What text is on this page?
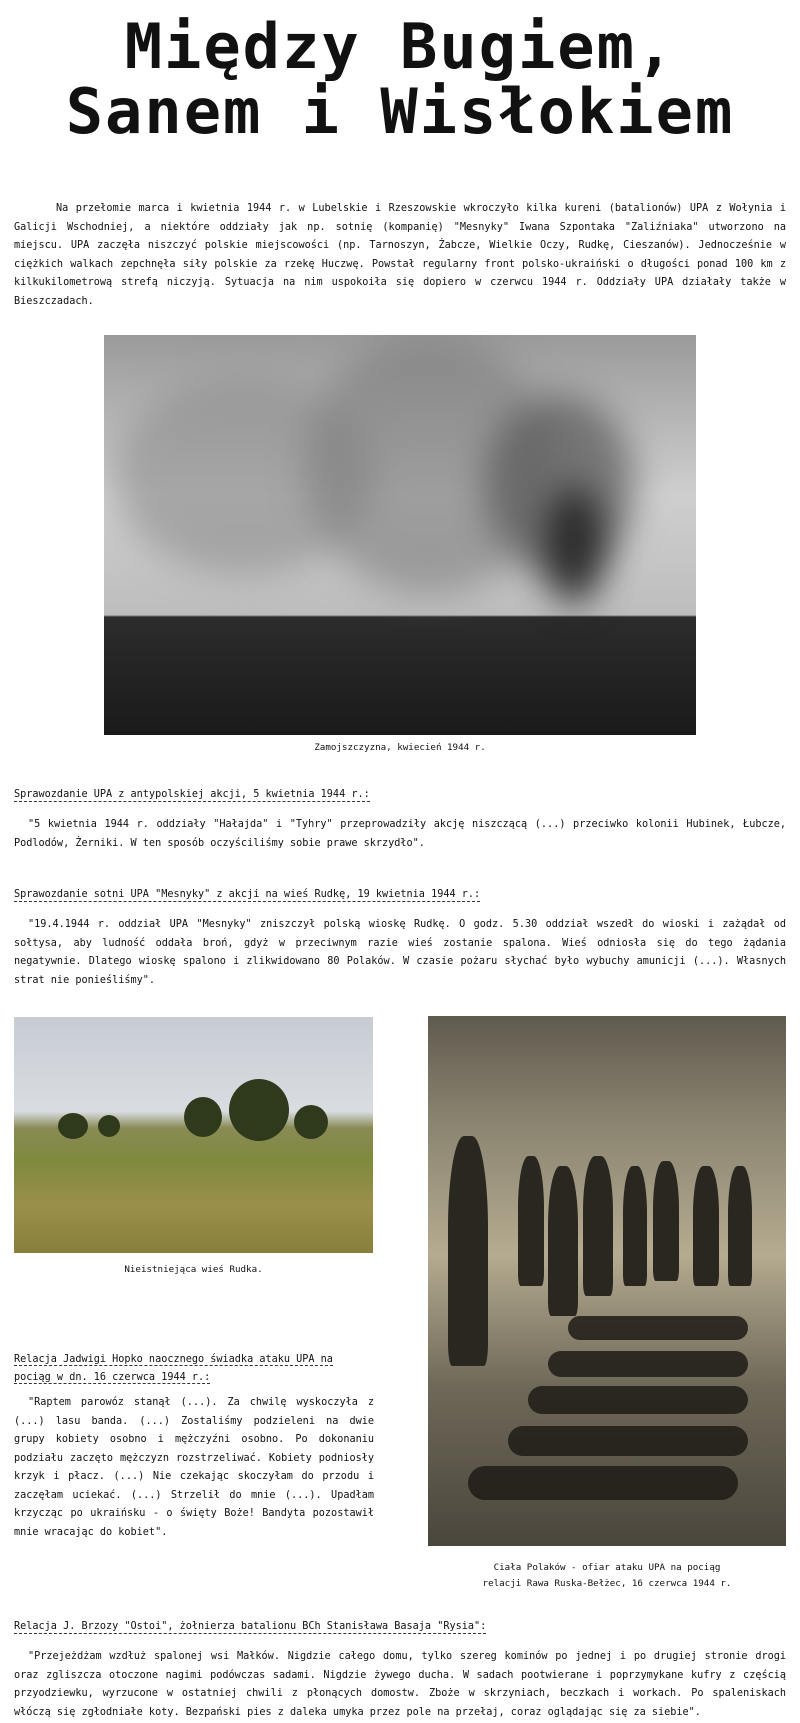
Między Bugiem,
Sanem i Wisłokiem

Na przełomie marca i kwietnia 1944 r. w Lubelskie i Rzeszowskie wkroczyło kilka kureni (batalionów) UPA z Wołynia i Galicji Wschodniej, a niektóre oddziały jak np. sotnię (kompanię) "Mesnyky" Iwana Szpontaka "Zaliźniaka" utworzono na miejscu. UPA zaczęła niszczyć polskie miejscowości (np. Tarnoszyn, Żabcze, Wielkie Oczy, Rudkę, Cieszanów). Jednocześnie w ciężkich walkach zepchnęła siły polskie za rzekę Huczwę. Powstał regularny front polsko-ukraiński o długości ponad 100 km z kilkukilometrową strefą niczyją. Sytuacja na nim uspokoiła się dopiero w czerwcu 1944 r. Oddziały UPA działały także w Bieszczadach.

Zamojszczyzna, kwiecień 1944 r.
Sprawozdanie UPA z antypolskiej akcji, 5 kwietnia 1944 r.:

"5 kwietnia 1944 r. oddziały "Hałajda" i "Tyhry" przeprowadziły akcję niszczącą (...) przeciwko kolonii Hubinek, Łubcze, Podlodów, Żerniki. W ten sposób oczyściliśmy sobie prawe skrzydło".

Sprawozdanie sotni UPA "Mesnyky" z akcji na wieś Rudkę, 19 kwietnia 1944 r.:

"19.4.1944 r. oddział UPA "Mesnyky" zniszczył polską wioskę Rudkę. O godz. 5.30 oddział wszedł do wioski i zażądał od sołtysa, aby ludność oddała broń, gdyż w przeciwnym razie wieś zostanie spalona. Wieś odniosła się do tego żądania negatywnie. Dlatego wioskę spalono i zlikwidowano 80 Polaków. W czasie pożaru słychać było wybuchy amunicji (...). Własnych strat nie ponieśliśmy".

Nieistniejąca wieś Rudka.
Relacja Jadwigi Hopko naocznego świadka ataku UPA na pociąg w dn. 16 czerwca 1944 r.:

"Raptem parowóz stanął (...). Za chwilę wyskoczyła z (...) lasu banda. (...) Zostaliśmy podzieleni na dwie grupy kobiety osobno i mężczyźni osobno. Po dokonaniu podziału zaczęto mężczyzn rozstrzeliwać. Kobiety podniosły krzyk i płacz. (...) Nie czekając skoczyłam do przodu i zaczęłam uciekać. (...) Strzelił do mnie (...). Upadłam krzycząc po ukraińsku - o święty Boże! Bandyta pozostawił mnie wracając do kobiet".

Ciała Polaków - ofiar ataku UPA na pociąg
relacji Rawa Ruska-Bełżec, 16 czerwca 1944 r.
Relacja J. Brzozy "Ostoi", żołnierza batalionu BCh Stanisława Basaja "Rysia":

"Przejeżdżam wzdłuż spalonej wsi Małków. Nigdzie całego domu, tylko szereg kominów po jednej i po drugiej stronie drogi oraz zgliszcza otoczone nagimi podówczas sadami. Nigdzie żywego ducha. W sadach pootwierane i poprzymykane kufry z częścią przyodziewku, wyrzucone w ostatniej chwili z płonących domostw. Zboże w skrzyniach, beczkach i workach. Po spaleniskach włóczą się zgłodniałe koty. Bezpański pies z daleka umyka przez pole na przełaj, coraz oglądając się za siebie".
